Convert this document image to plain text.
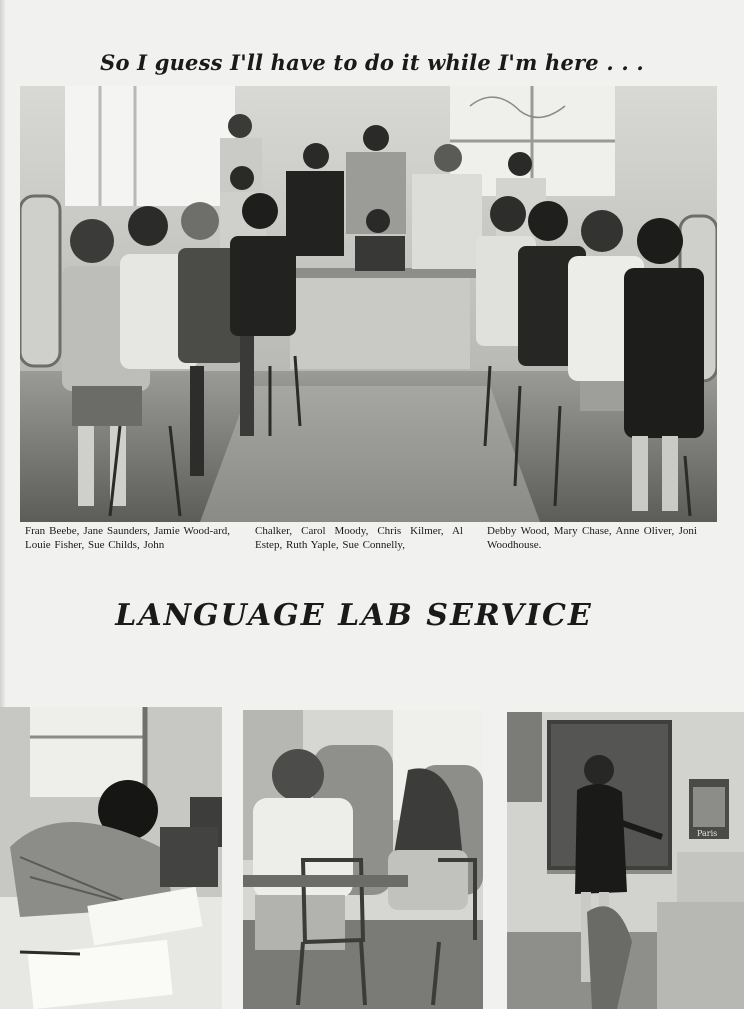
So I guess I'll have to do it while I'm here . . .
Fran Beebe, Jane Saunders, Jamie Wood-ard, Louie Fisher, Sue Childs, John
Chalker, Carol Moody, Chris Kilmer, Al Estep, Ruth Yaple, Sue Connelly,
Debby Wood, Mary Chase, Anne Oliver, Joni Woodhouse.
LANGUAGE LAB SERVICE
Paris
